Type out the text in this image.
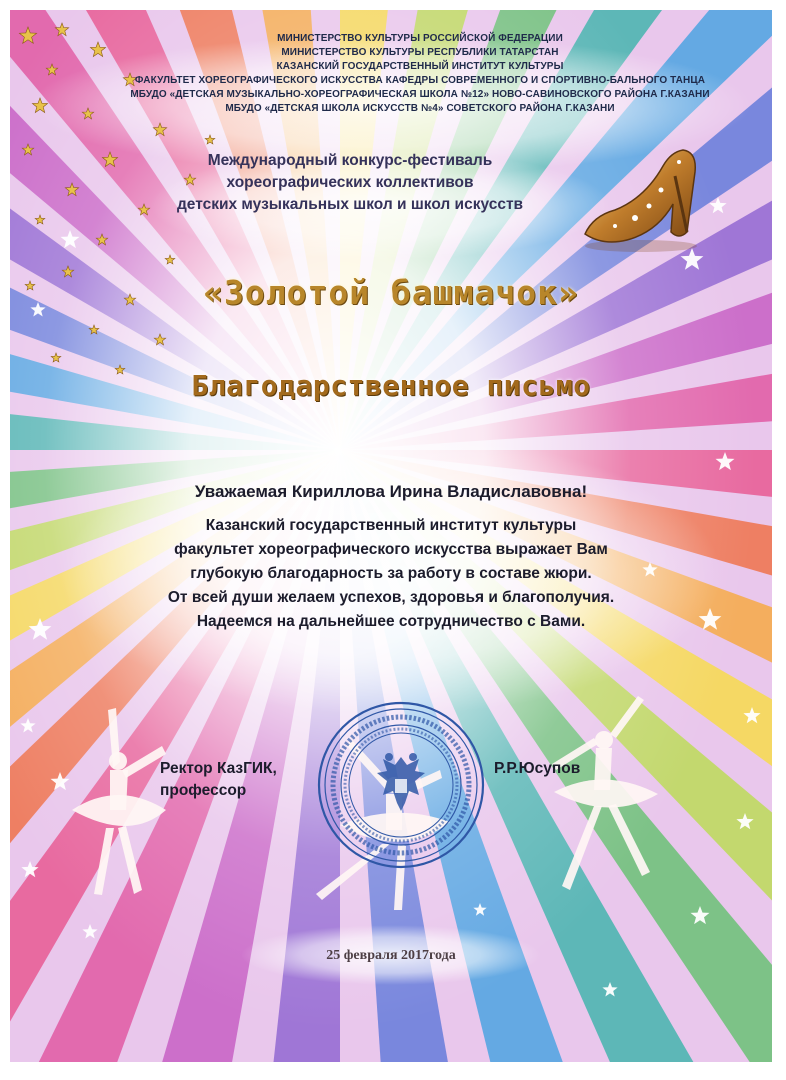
МИНИСТЕРСТВО КУЛЬТУРЫ РОССИЙСКОЙ ФЕДЕРАЦИИ
МИНИСТЕРСТВО КУЛЬТУРЫ РЕСПУБЛИКИ ТАТАРСТАН
КАЗАНСКИЙ ГОСУДАРСТВЕННЫЙ ИНСТИТУТ КУЛЬТУРЫ
ФАКУЛЬТЕТ ХОРЕОГРАФИЧЕСКОГО ИСКУССТВА КАФЕДРЫ СОВРЕМЕННОГО И СПОРТИВНО-БАЛЬНОГО ТАНЦА
МБУДО «ДЕТСКАЯ МУЗЫКАЛЬНО-ХОРЕОГРАФИЧЕСКАЯ ШКОЛА №12» НОВО-САВИНОВСКОГО РАЙОНА Г.КАЗАНИ
МБУДО «ДЕТСКАЯ ШКОЛА ИСКУССТВ №4» СОВЕТСКОГО РАЙОНА Г.КАЗАНИ
Международный конкурс-фестиваль
хореографических коллективов
детских музыкальных школ и школ искусств
«Золотой башмачок»
Благодарственное письмо
Уважаемая Кириллова Ирина Владиславовна!
Казанский государственный институт культуры
факультет хореографического искусства выражает Вам
глубокую благодарность за работу в составе жюри.
От всей души желаем успехов, здоровья и благополучия.
Надеемся на дальнейшее сотрудничество с Вами.
Ректор КазГИК,
профессор
Р.Р.Юсупов
25 февраля 2017года
